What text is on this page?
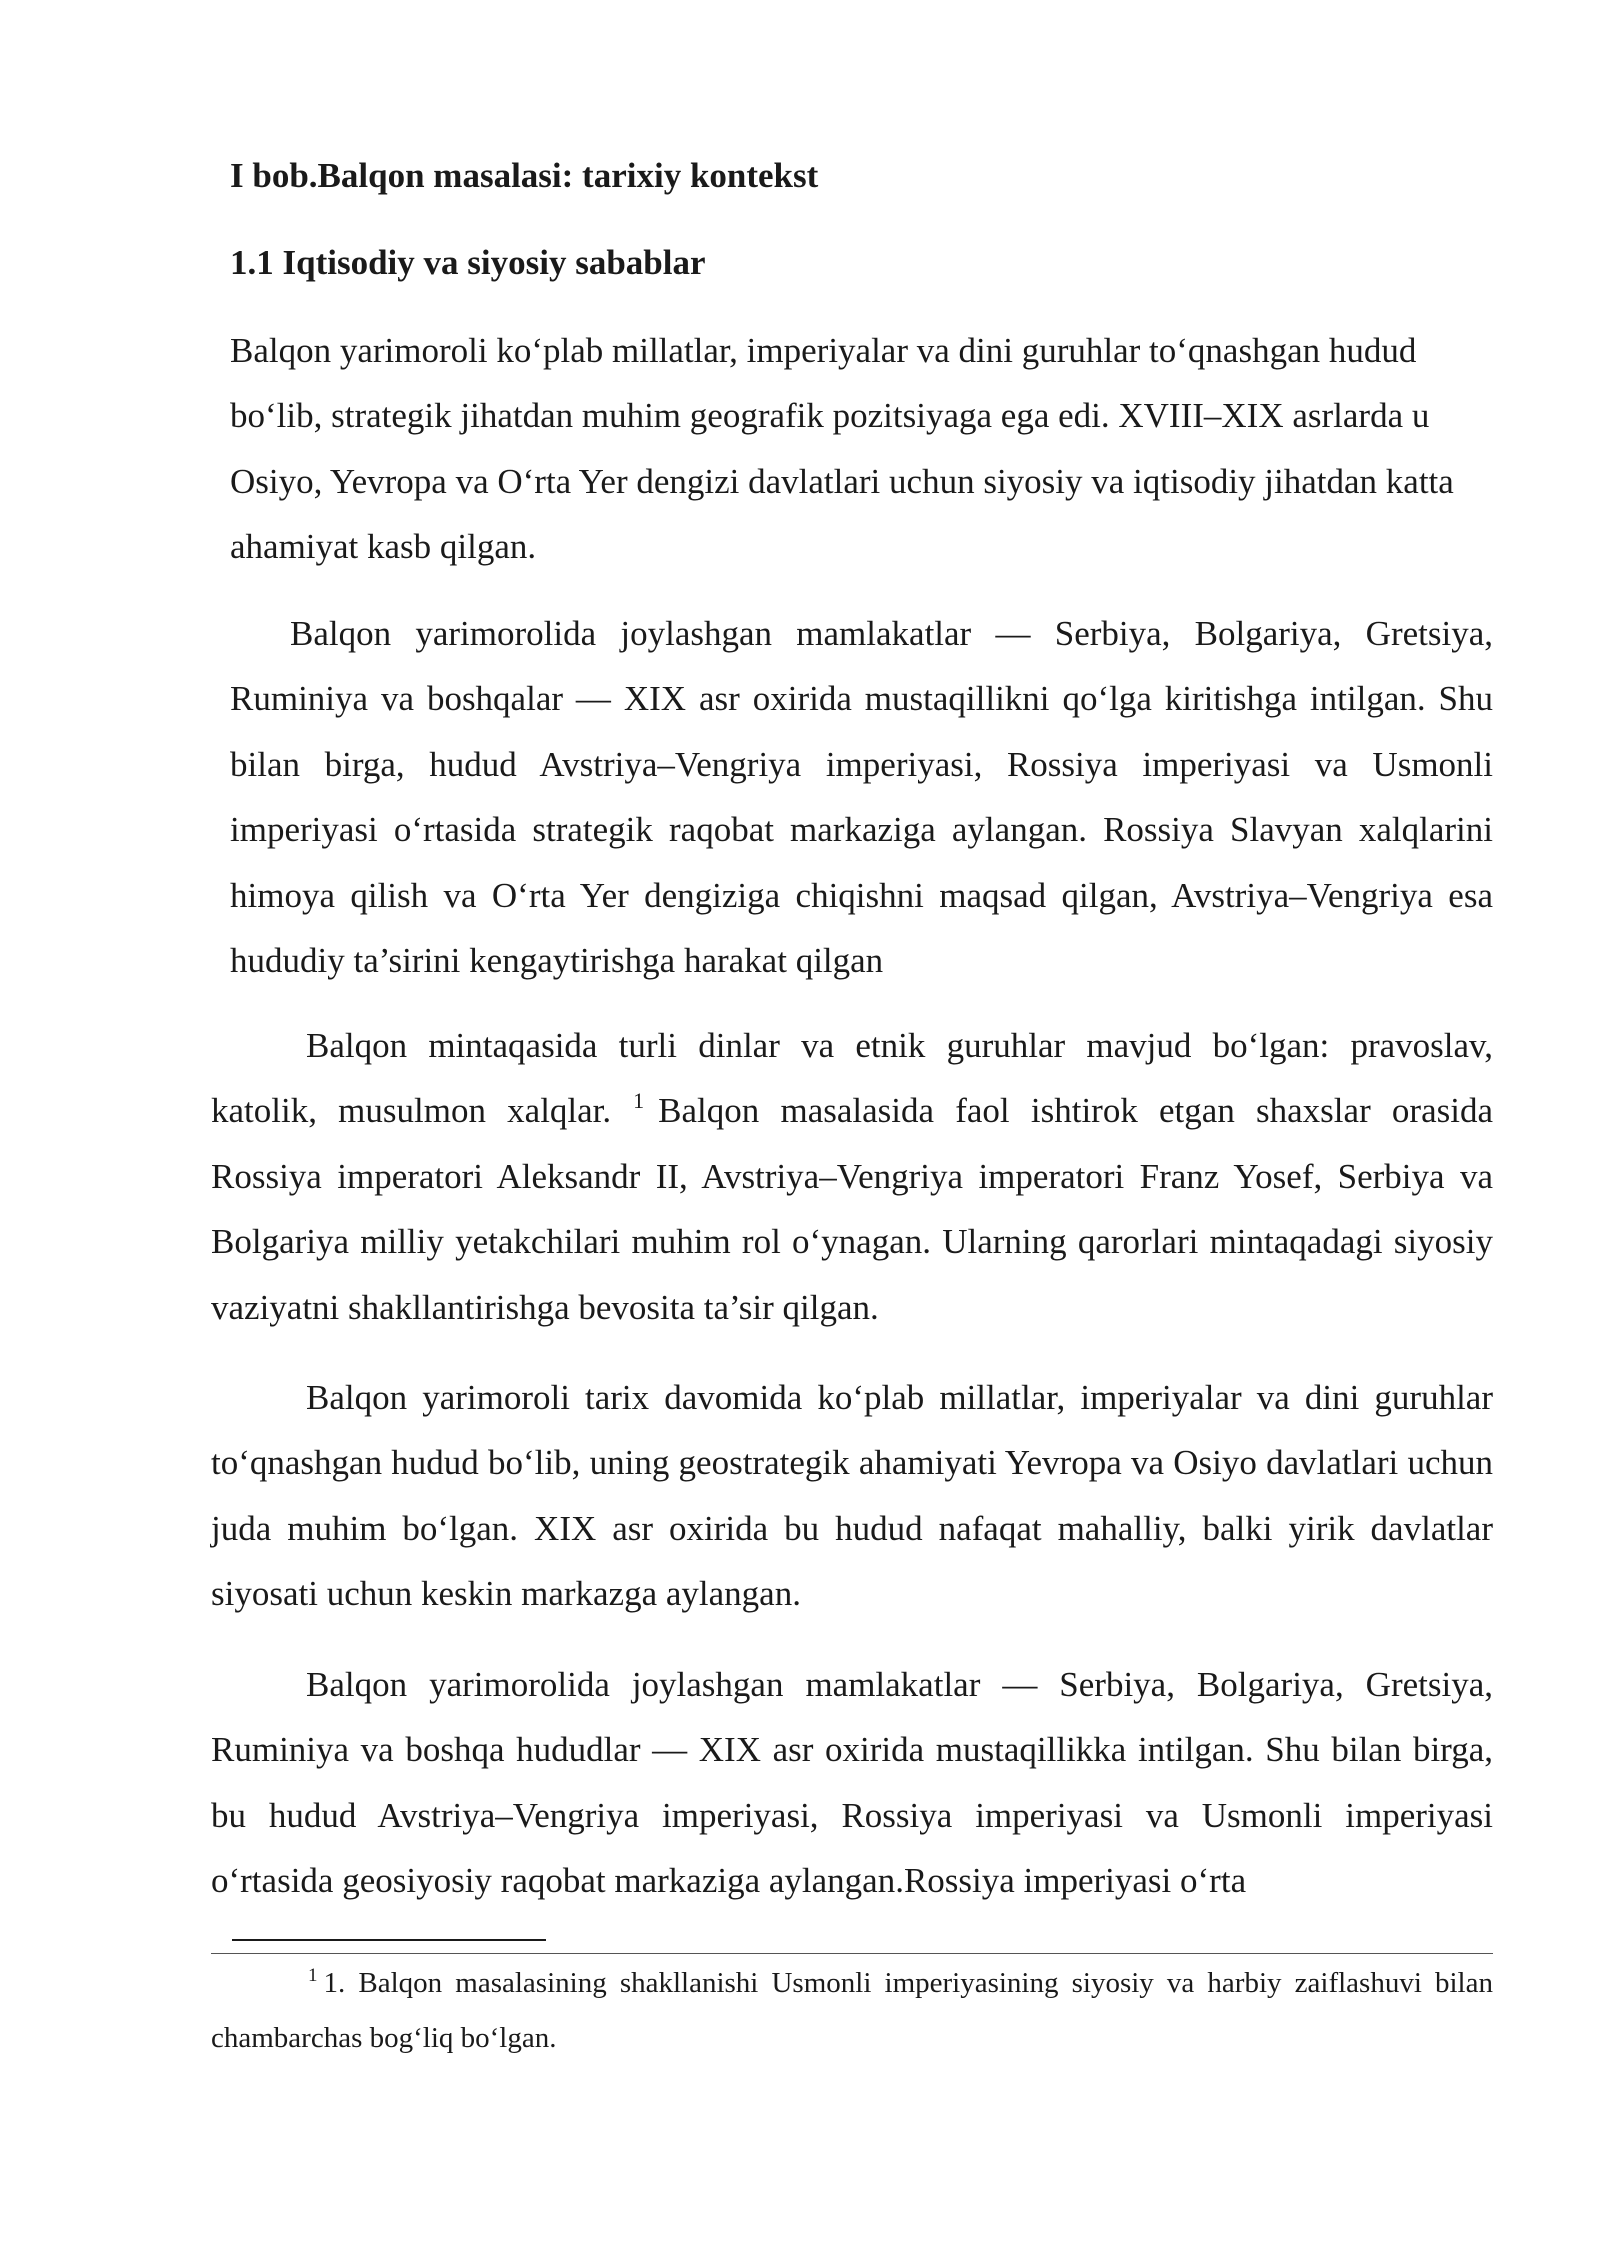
I bob.Balqon masalasi: tarixiy kontekst
1.1 Iqtisodiy va siyosiy sabablar

Balqon yarimoroli ko‘plab millatlar, imperiyalar va dini guruhlar to‘qnashgan hudud bo‘lib, strategik jihatdan muhim geografik pozitsiyaga ega edi. XVIII–XIX asrlarda u Osiyo, Yevropa va O‘rta Yer dengizi davlatlari uchun siyosiy va iqtisodiy jihatdan katta ahamiyat kasb qilgan.

Balqon yarimorolida joylashgan mamlakatlar — Serbiya, Bolgariya, Gretsiya, Ruminiya va boshqalar — XIX asr oxirida mustaqillikni qo‘lga kiritishga intilgan. Shu bilan birga, hudud Avstriya–Vengriya imperiyasi, Rossiya imperiyasi va Usmonli imperiyasi o‘rtasida strategik raqobat markaziga aylangan. Rossiya Slavyan xalqlarini himoya qilish va O‘rta Yer dengiziga chiqishni maqsad qilgan, Avstriya–Vengriya esa hududiy ta’sirini kengaytirishga harakat qilgan

Balqon mintaqasida turli dinlar va etnik guruhlar mavjud bo‘lgan: pravoslav, katolik, musulmon xalqlar. $^1$ Balqon masalasida faol ishtirok etgan shaxslar orasida Rossiya imperatori Aleksandr II, Avstriya–Vengriya imperatori Franz Yosef, Serbiya va Bolgariya milliy yetakchilari muhim rol o‘ynagan. Ularning qarorlari mintaqadagi siyosiy vaziyatni shakllantirishga bevosita ta’sir qilgan.

Balqon yarimoroli tarix davomida ko‘plab millatlar, imperiyalar va dini guruhlar to‘qnashgan hudud bo‘lib, uning geostrategik ahamiyati Yevropa va Osiyo davlatlari uchun juda muhim bo‘lgan. XIX asr oxirida bu hudud nafaqat mahalliy, balki yirik davlatlar siyosati uchun keskin markazga aylangan.

Balqon yarimorolida joylashgan mamlakatlar — Serbiya, Bolgariya, Gretsiya, Ruminiya va boshqa hududlar — XIX asr oxirida mustaqillikka intilgan. Shu bilan birga, bu hudud Avstriya–Vengriya imperiyasi, Rossiya imperiyasi va Usmonli imperiyasi o‘rtasida geosiyosiy raqobat markaziga aylangan.Rossiya imperiyasi o‘rta

$^1$ 1. Balqon masalasining shakllanishi Usmonli imperiyasining siyosiy va harbiy zaiflashuvi bilan chambarchas bog‘liq bo‘lgan.
